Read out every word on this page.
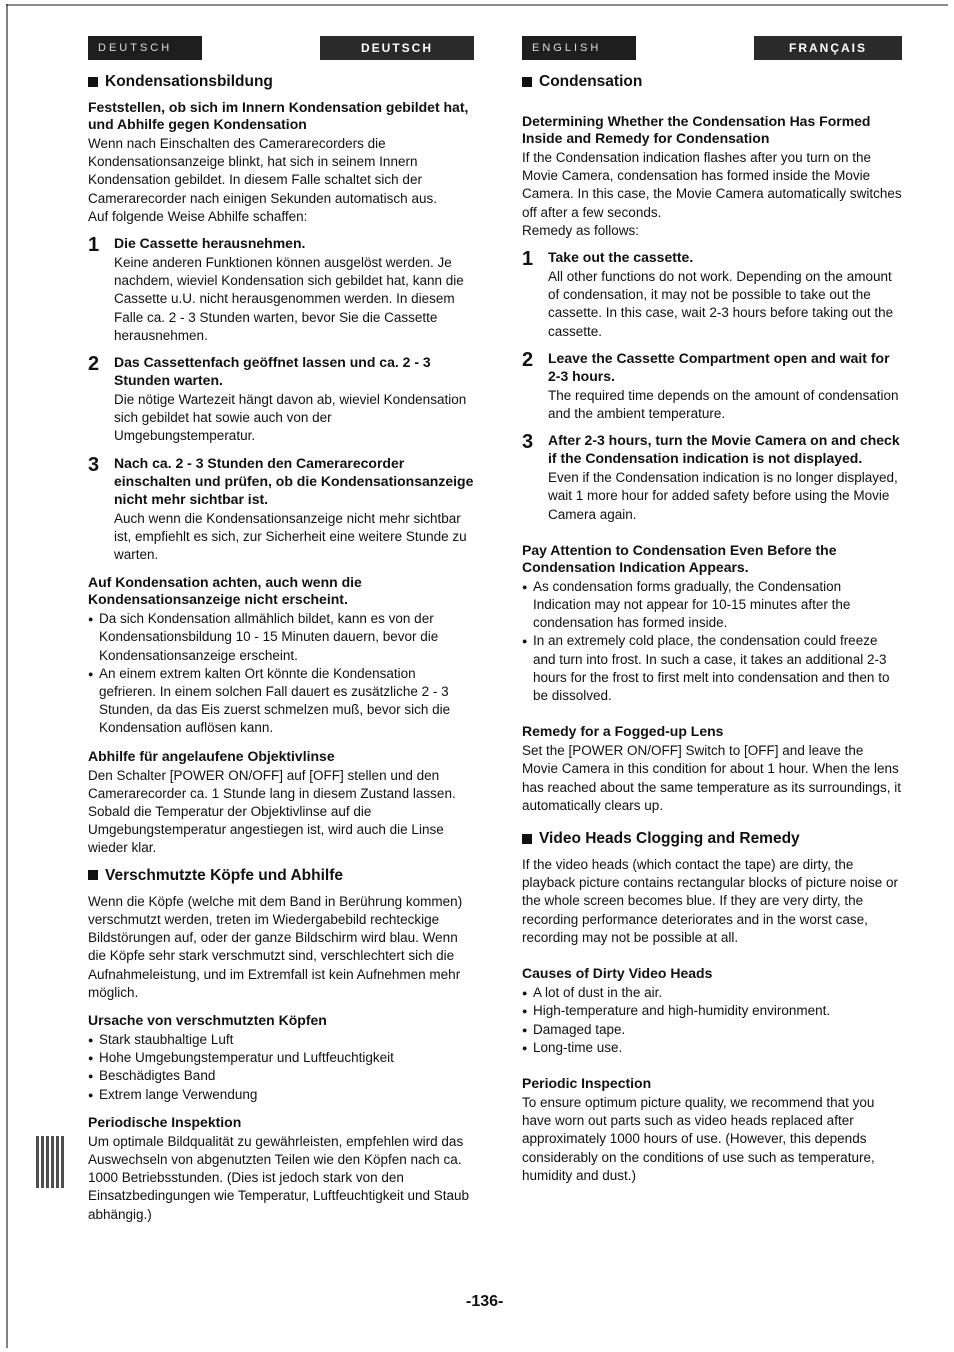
DEUTSCH	DEUTSCH
Kondensationsbildung
Feststellen, ob sich im Innern Kondensation gebildet hat, und Abhilfe gegen Kondensation

Wenn nach Einschalten des Camerarecorders die Kondensationsanzeige blinkt, hat sich in seinem Innern Kondensation gebildet. In diesem Falle schaltet sich der Camerarecorder nach einigen Sekunden automatisch aus.

Auf folgende Weise Abhilfe schaffen:

1	Die Cassette herausnehmen.

Keine anderen Funktionen können ausgelöst werden. Je nachdem, wieviel Kondensation sich gebildet hat, kann die Cassette u.U. nicht herausgenommen werden. In diesem Falle ca. 2 - 3 Stunden warten, bevor Sie die Cassette herausnehmen.

2	Das Cassettenfach geöffnet lassen und ca. 2 - 3 Stunden warten.

Die nötige Wartezeit hängt davon ab, wieviel Kondensation sich gebildet hat sowie auch von der Umgebungstemperatur.

3	Nach ca. 2 - 3 Stunden den Camerarecorder einschalten und prüfen, ob die Kondensationsanzeige nicht mehr sichtbar ist.

Auch wenn die Kondensationsanzeige nicht mehr sichtbar ist, empfiehlt es sich, zur Sicherheit eine weitere Stunde zu warten.

Auf Kondensation achten, auch wenn die Kondensationsanzeige nicht erscheint.
● Da sich Kondensation allmählich bildet, kann es von der Kondensationsbildung 10 - 15 Minuten dauern, bevor die Kondensationsanzeige erscheint.
● An einem extrem kalten Ort könnte die Kondensation gefrieren. In einem solchen Fall dauert es zusätzliche 2 - 3 Stunden, da das Eis zuerst schmelzen muß, bevor sich die Kondensation auflösen kann.
Abhilfe für angelaufene Objektivlinse

Den Schalter [POWER ON/OFF] auf [OFF] stellen und den Camerarecorder ca. 1 Stunde lang in diesem Zustand lassen. Sobald die Temperatur der Objektivlinse auf die Umgebungstemperatur angestiegen ist, wird auch die Linse wieder klar.

Verschmutzte Köpfe und Abhilfe

Wenn die Köpfe (welche mit dem Band in Berührung kommen) verschmutzt werden, treten im Wiedergabebild rechteckige Bildstörungen auf, oder der ganze Bildschirm wird blau. Wenn die Köpfe sehr stark verschmutzt sind, verschlechtert sich die Aufnahmeleistung, und im Extremfall ist kein Aufnehmen mehr möglich.

Ursache von verschmutzten Köpfen
● Stark staubhaltige Luft
● Hohe Umgebungstemperatur und Luftfeuchtigkeit
● Beschädigtes Band
● Extrem lange Verwendung
Periodische Inspektion

Um optimale Bildqualität zu gewährleisten, empfehlen wird das Auswechseln von abgenutzten Teilen wie den Köpfen nach ca. 1000 Betriebsstunden. (Dies ist jedoch stark von den Einsatzbedingungen wie Temperatur, Luftfeuchtigkeit und Staub abhängig.)

ENGLISH	FRANÇAIS
Condensation
Determining Whether the Condensation Has Formed Inside and Remedy for Condensation

If the Condensation indication flashes after you turn on the Movie Camera, condensation has formed inside the Movie Camera. In this case, the Movie Camera automatically switches off after a few seconds.

Remedy as follows:

1	Take out the cassette.

All other functions do not work. Depending on the amount of condensation, it may not be possible to take out the cassette. In this case, wait 2-3 hours before taking out the cassette.

2	Leave the Cassette Compartment open and wait for 2-3 hours.

The required time depends on the amount of condensation and the ambient temperature.

3	After 2-3 hours, turn the Movie Camera on and check if the Condensation indication is not displayed.

Even if the Condensation indication is no longer displayed, wait 1 more hour for added safety before using the Movie Camera again.

Pay Attention to Condensation Even Before the Condensation Indication Appears.
● As condensation forms gradually, the Condensation Indication may not appear for 10-15 minutes after the condensation has formed inside.
● In an extremely cold place, the condensation could freeze and turn into frost. In such a case, it takes an additional 2-3 hours for the frost to first melt into condensation and then to be dissolved.
Remedy for a Fogged-up Lens

Set the [POWER ON/OFF] Switch to [OFF] and leave the Movie Camera in this condition for about 1 hour. When the lens has reached about the same temperature as its surroundings, it automatically clears up.

Video Heads Clogging and Remedy

If the video heads (which contact the tape) are dirty, the playback picture contains rectangular blocks of picture noise or the whole screen becomes blue. If they are very dirty, the recording performance deteriorates and in the worst case, recording may not be possible at all.

Causes of Dirty Video Heads
● A lot of dust in the air.
● High-temperature and high-humidity environment.
● Damaged tape.
● Long-time use.
Periodic Inspection

To ensure optimum picture quality, we recommend that you have worn out parts such as video heads replaced after approximately 1000 hours of use. (However, this depends considerably on the conditions of use such as temperature, humidity and dust.)

-136-
